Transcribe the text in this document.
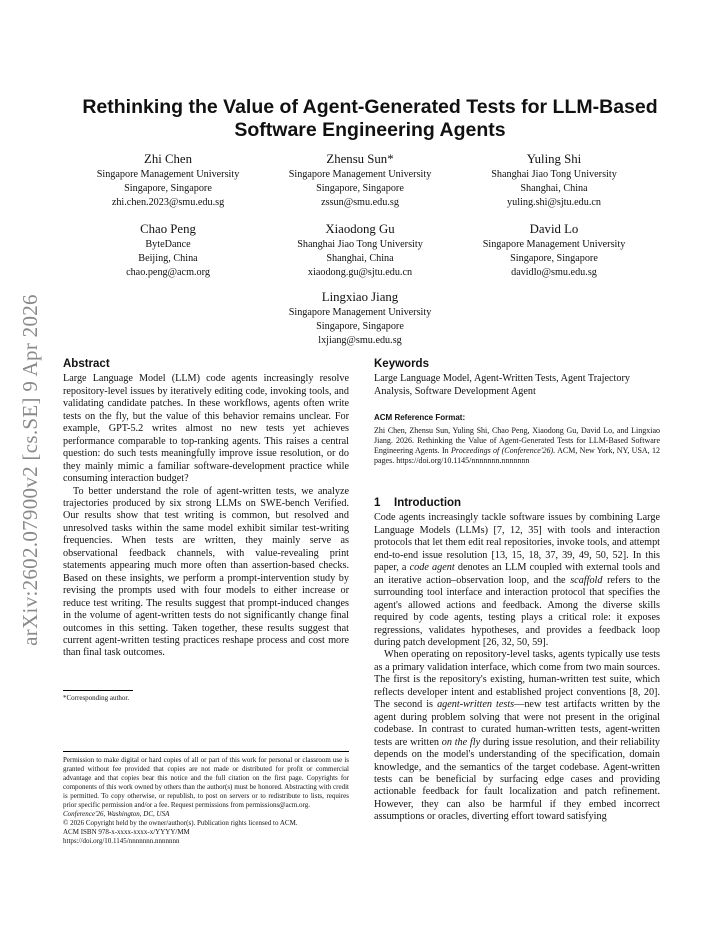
arXiv:2602.07900v2 [cs.SE] 9 Apr 2026
Rethinking the Value of Agent-Generated Tests for LLM-Based Software Engineering Agents
Zhi Chen
Singapore Management University
Singapore, Singapore
zhi.chen.2023@smu.edu.sg
Zhensu Sun*
Singapore Management University
Singapore, Singapore
zssun@smu.edu.sg
Yuling Shi
Shanghai Jiao Tong University
Shanghai, China
yuling.shi@sjtu.edu.cn
Chao Peng
ByteDance
Beijing, China
chao.peng@acm.org
Xiaodong Gu
Shanghai Jiao Tong University
Shanghai, China
xiaodong.gu@sjtu.edu.cn
David Lo
Singapore Management University
Singapore, Singapore
davidlo@smu.edu.sg
Lingxiao Jiang
Singapore Management University
Singapore, Singapore
lxjiang@smu.edu.sg
Abstract

Large Language Model (LLM) code agents increasingly resolve repository-level issues by iteratively editing code, invoking tools, and validating candidate patches. In these workflows, agents often write tests on the fly, but the value of this behavior remains unclear. For example, GPT-5.2 writes almost no new tests yet achieves performance comparable to top-ranking agents. This raises a central question: do such tests meaningfully improve issue resolution, or do they mainly mimic a familiar software-development practice while consuming interaction budget?

To better understand the role of agent-written tests, we analyze trajectories produced by six strong LLMs on SWE-bench Verified. Our results show that test writing is common, but resolved and unresolved tasks within the same model exhibit similar test-writing frequencies. When tests are written, they mainly serve as observational feedback channels, with value-revealing print statements appearing much more often than assertion-based checks. Based on these insights, we perform a prompt-intervention study by revising the prompts used with four models to either increase or reduce test writing. The results suggest that prompt-induced changes in the volume of agent-written tests do not significantly change final outcomes in this setting. Taken together, these results suggest that current agent-written testing practices reshape process and cost more than final task outcomes.

*Corresponding author.
Permission to make digital or hard copies of all or part of this work for personal or classroom use is granted without fee provided that copies are not made or distributed for profit or commercial advantage and that copies bear this notice and the full citation on the first page. Copyrights for components of this work owned by others than the author(s) must be honored. Abstracting with credit is permitted. To copy otherwise, or republish, to post on servers or to redistribute to lists, requires prior specific permission and/or a fee. Request permissions from permissions@acm.org.
Conference'26, Washington, DC, USA
© 2026 Copyright held by the owner/author(s). Publication rights licensed to ACM.
ACM ISBN 978-x-xxxx-xxxx-x/YYYY/MM
https://doi.org/10.1145/nnnnnnn.nnnnnnn
Keywords

Large Language Model, Agent-Written Tests, Agent Trajectory Analysis, Software Development Agent

ACM Reference Format:
Zhi Chen, Zhensu Sun, Yuling Shi, Chao Peng, Xiaodong Gu, David Lo, and Lingxiao Jiang. 2026. Rethinking the Value of Agent-Generated Tests for LLM-Based Software Engineering Agents. In Proceedings of (Conference'26). ACM, New York, NY, USA, 12 pages. https://doi.org/10.1145/nnnnnnn.nnnnnnn
1 Introduction

Code agents increasingly tackle software issues by combining Large Language Models (LLMs) [7, 12, 35] with tools and interaction protocols that let them edit real repositories, invoke tools, and attempt end-to-end issue resolution [13, 15, 18, 37, 39, 49, 50, 52]. In this paper, a code agent denotes an LLM coupled with external tools and an iterative action–observation loop, and the scaffold refers to the surrounding tool interface and interaction protocol that specifies the agent's allowed actions and feedback. Among the diverse skills required by code agents, testing plays a critical role: it exposes regressions, validates hypotheses, and provides a feedback loop during patch development [26, 32, 50, 59].

When operating on repository-level tasks, agents typically use tests as a primary validation interface, which come from two main sources. The first is the repository's existing, human-written test suite, which reflects developer intent and established project conventions [8, 20]. The second is agent-written tests—new test artifacts written by the agent during problem solving that were not present in the original codebase. In contrast to curated human-written tests, agent-written tests are written on the fly during issue resolution, and their reliability depends on the model's understanding of the specification, domain knowledge, and the semantics of the target codebase. Agent-written tests can be beneficial by surfacing edge cases and providing actionable feedback for fault localization and patch refinement. However, they can also be harmful if they embed incorrect assumptions or oracles, diverting effort toward satisfying
